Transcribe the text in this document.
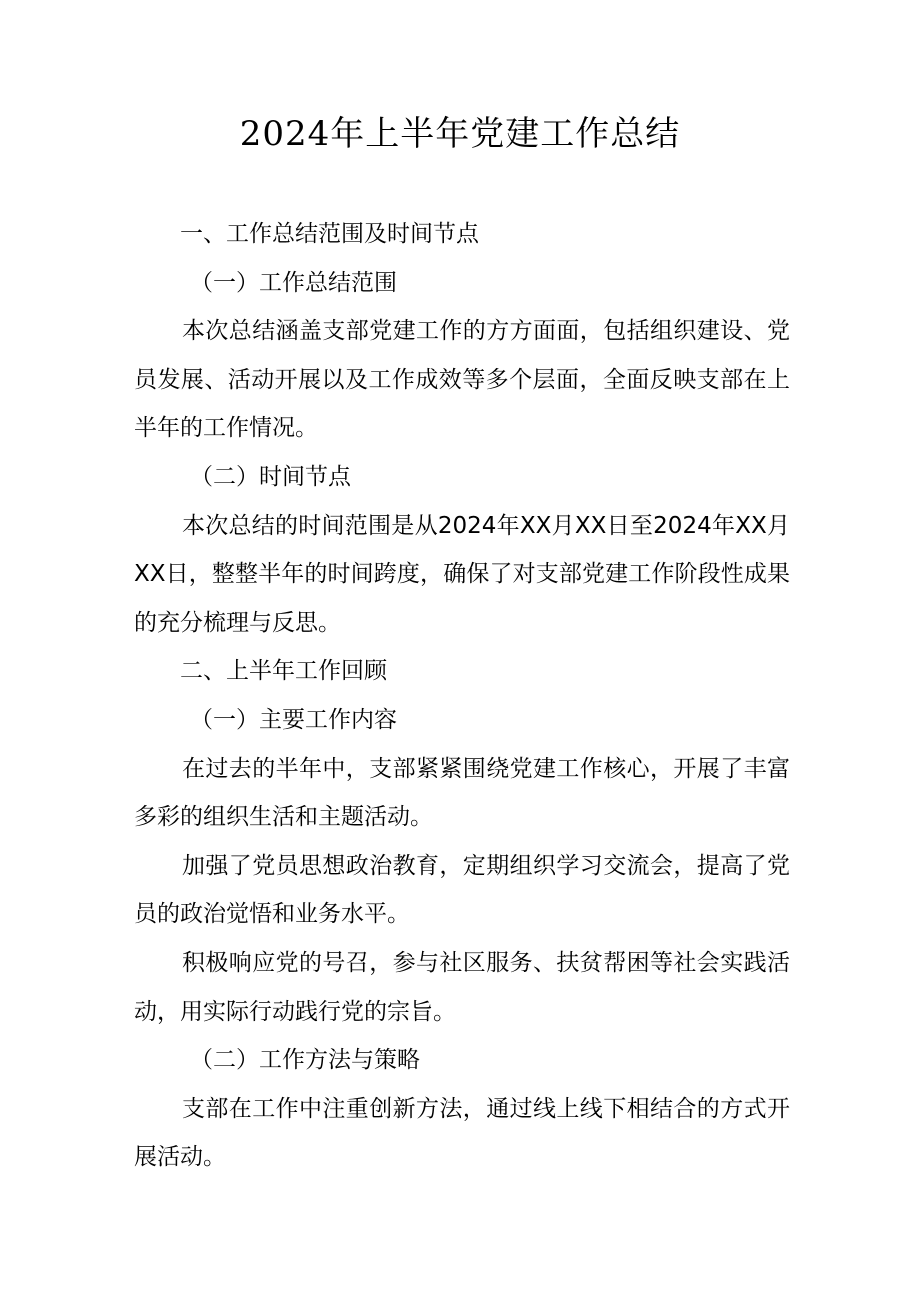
2024年上半年党建工作总结

一、工作总结范围及时间节点

（一）工作总结范围

本次总结涵盖支部党建工作的方方面面，包括组织建设、党员发展、活动开展以及工作成效等多个层面，全面反映支部在上半年的工作情况。

（二）时间节点

本次总结的时间范围是从2024年XX月XX日至2024年XX月XX日，整整半年的时间跨度，确保了对支部党建工作阶段性成果的充分梳理与反思。

二、上半年工作回顾

（一）主要工作内容

在过去的半年中，支部紧紧围绕党建工作核心，开展了丰富多彩的组织生活和主题活动。

加强了党员思想政治教育，定期组织学习交流会，提高了党员的政治觉悟和业务水平。

积极响应党的号召，参与社区服务、扶贫帮困等社会实践活动，用实际行动践行党的宗旨。

（二）工作方法与策略

支部在工作中注重创新方法，通过线上线下相结合的方式开展活动。
